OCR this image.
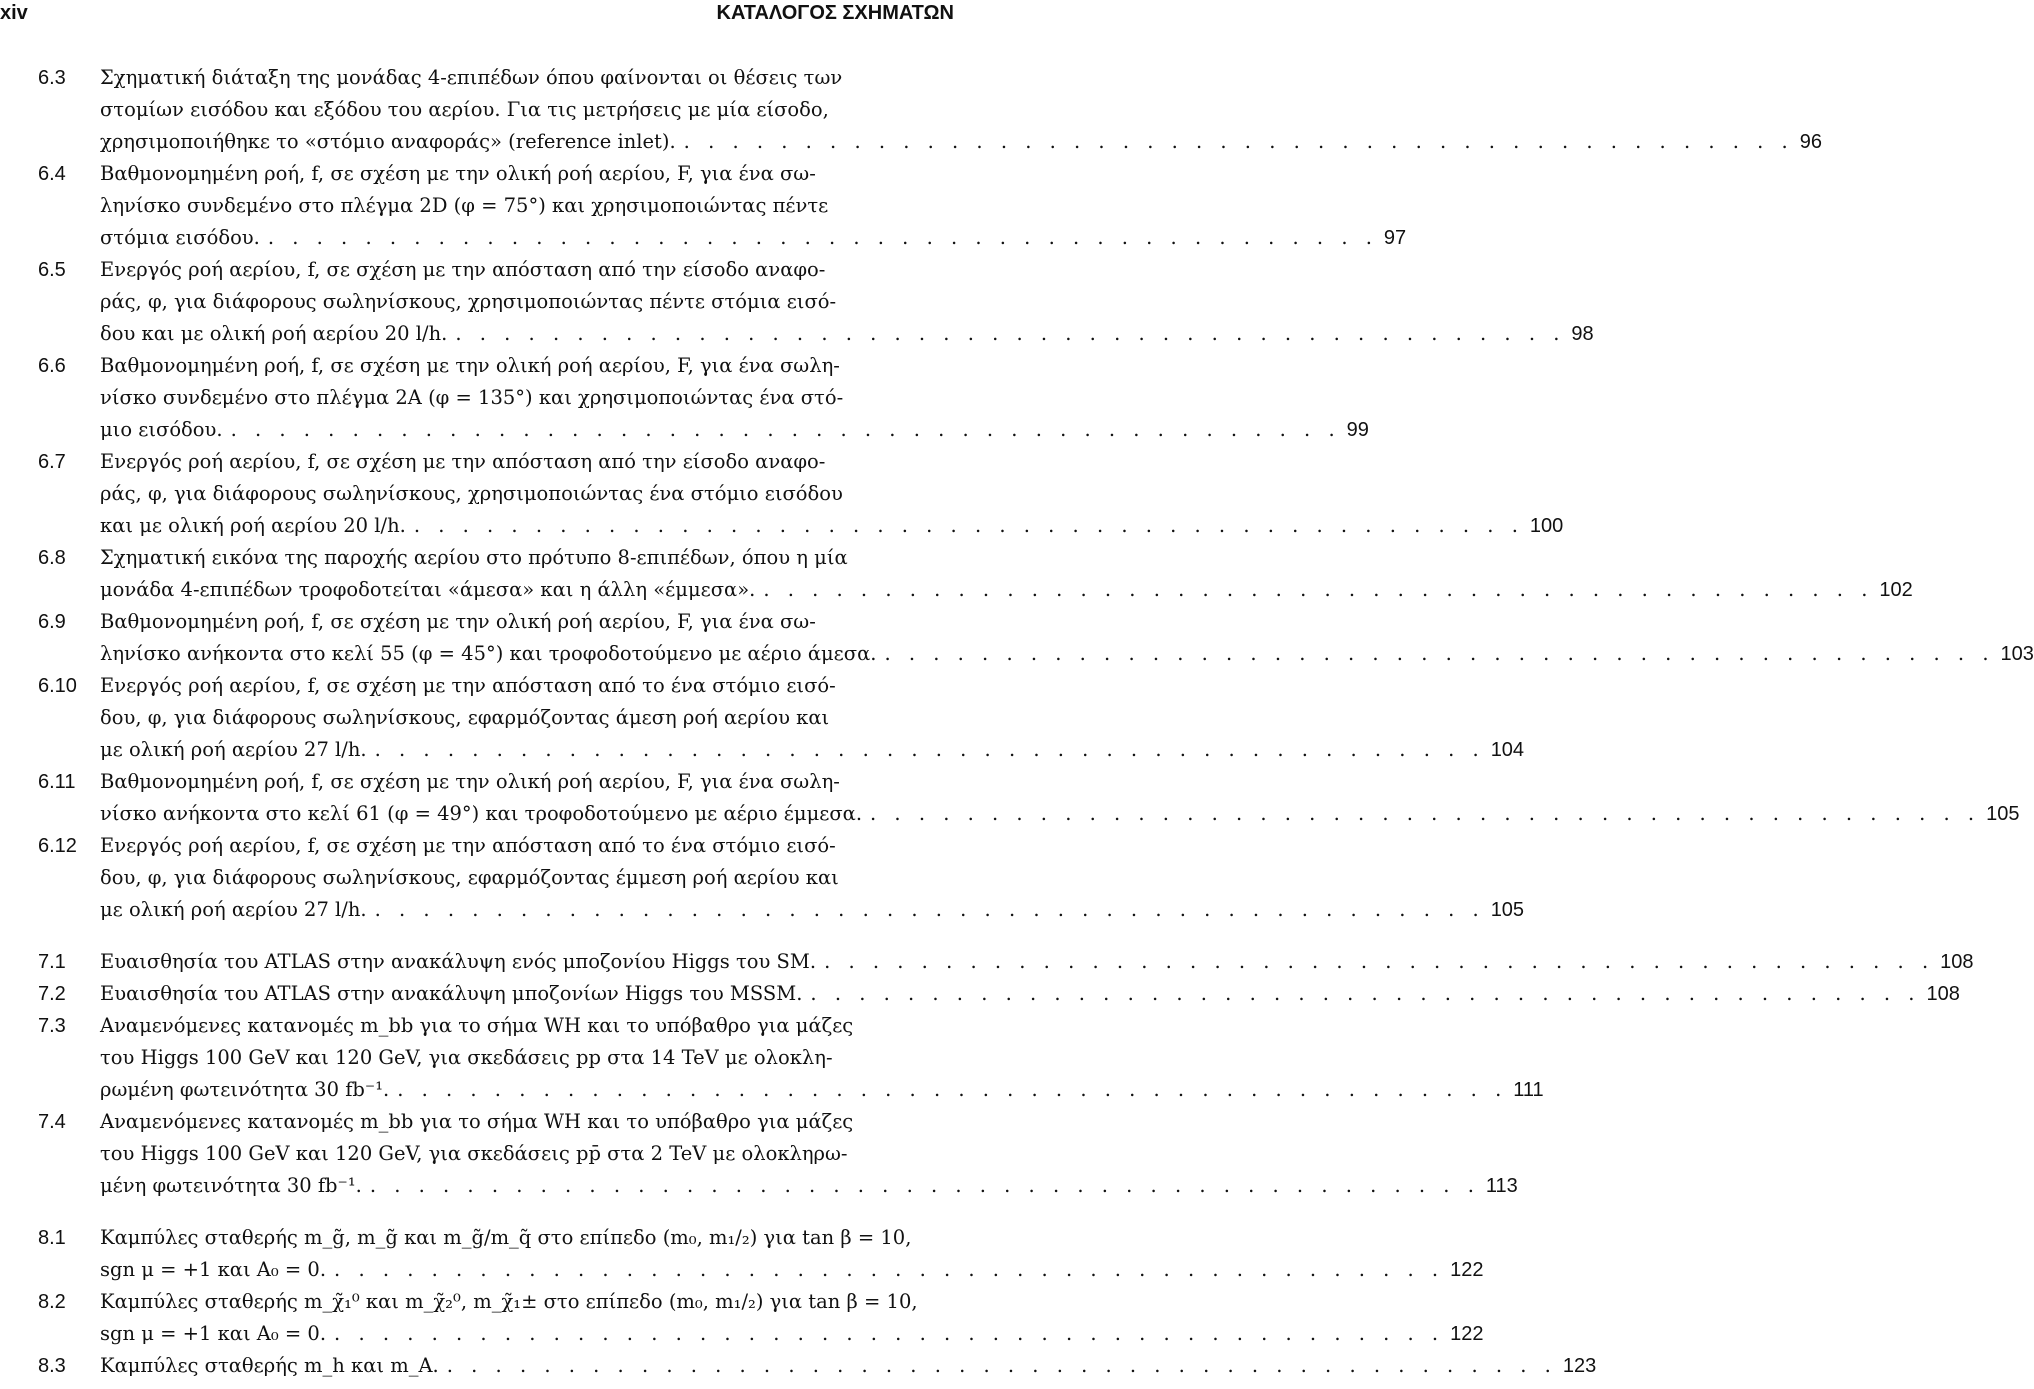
xiv	ΚΑΤΑΛΟΓΟΣ ΣΧΗΜΑΤΩΝ
6.3 Σχηματική διάταξη της μονάδας 4-επιπέδων όπου φαίνονται οι θέσεις των
στομίων εισόδου και εξόδου του αερίου. Για τις μετρήσεις με μία είσοδο,
χρησιμοποιήθηκε το «στόμιο αναφοράς» (reference inlet). . . . . . . . . . . . . . . . . . . . . . . . . . . . . . . . . . . . . . . . . . . . . . . 96
6.4 Βαθμονομημένη ροή, f, σε σχέση με την ολική ροή αερίου, F, για ένα σω-
ληνίσκο συνδεμένο στο πλέγμα 2D (φ = 75°) και χρησιμοποιώντας πέντε
στόμια εισόδου. . . . . . . . . . . . . . . . . . . . . . . . . . . . . . . . . . . . . . . . . . . . . . . 97
6.5 Ενεργός ροή αερίου, f, σε σχέση με την απόσταση από την είσοδο αναφο-
ράς, φ, για διάφορους σωληνίσκους, χρησιμοποιώντας πέντε στόμια εισό-
δου και με ολική ροή αερίου 20 l/h. . . . . . . . . . . . . . . . . . . . . . . . . . . . . . . . . . . . . . . . . . . . . . . 98
6.6 Βαθμονομημένη ροή, f, σε σχέση με την ολική ροή αερίου, F, για ένα σωλη-
νίσκο συνδεμένο στο πλέγμα 2A (φ = 135°) και χρησιμοποιώντας ένα στό-
μιο εισόδου. . . . . . . . . . . . . . . . . . . . . . . . . . . . . . . . . . . . . . . . . . . . . . . 99
6.7 Ενεργός ροή αερίου, f, σε σχέση με την απόσταση από την είσοδο αναφο-
ράς, φ, για διάφορους σωληνίσκους, χρησιμοποιώντας ένα στόμιο εισόδου
και με ολική ροή αερίου 20 l/h. . . . . . . . . . . . . . . . . . . . . . . . . . . . . . . . . . . . . . . . . . . . . . . 100
6.8 Σχηματική εικόνα της παροχής αερίου στο πρότυπο 8-επιπέδων, όπου η μία
μονάδα 4-επιπέδων τροφοδοτείται «άμεσα» και η άλλη «έμμεσα». . . . . . . . . . . . . . . . . . . . . . . . . . . . . . . . . . . . . . . . . . . . . . . 102
6.9 Βαθμονομημένη ροή, f, σε σχέση με την ολική ροή αερίου, F, για ένα σω-
ληνίσκο ανήκοντα στο κελί 55 (φ = 45°) και τροφοδοτούμενο με αέριο άμεσα. . . . . . . . . . . . . . . . . . . . . . . . . . . . . . . . . . . . . . . . . . . . . . . 103
6.10 Ενεργός ροή αερίου, f, σε σχέση με την απόσταση από το ένα στόμιο εισό-
δου, φ, για διάφορους σωληνίσκους, εφαρμόζοντας άμεση ροή αερίου και
με ολική ροή αερίου 27 l/h. . . . . . . . . . . . . . . . . . . . . . . . . . . . . . . . . . . . . . . . . . . . . . . 104
6.11 Βαθμονομημένη ροή, f, σε σχέση με την ολική ροή αερίου, F, για ένα σωλη-
νίσκο ανήκοντα στο κελί 61 (φ = 49°) και τροφοδοτούμενο με αέριο έμμεσα. . . . . . . . . . . . . . . . . . . . . . . . . . . . . . . . . . . . . . . . . . . . . . . 105
6.12 Ενεργός ροή αερίου, f, σε σχέση με την απόσταση από το ένα στόμιο εισό-
δου, φ, για διάφορους σωληνίσκους, εφαρμόζοντας έμμεση ροή αερίου και
με ολική ροή αερίου 27 l/h. . . . . . . . . . . . . . . . . . . . . . . . . . . . . . . . . . . . . . . . . . . . . . . 105
7.1 Ευαισθησία του ATLAS στην ανακάλυψη ενός μποζονίου Higgs του SM. . . . . . . . . . . . . . . . . . . . . . . . . . . . . . . . . . . . . . . . . . . . . . . 108
7.2 Ευαισθησία του ATLAS στην ανακάλυψη μποζονίων Higgs του MSSM. . . . . . . . . . . . . . . . . . . . . . . . . . . . . . . . . . . . . . . . . . . . . . . 108
7.3 Αναμενόμενες κατανομές m_bb για το σήμα WH και το υπόβαθρο για μάζες
του Higgs 100 GeV και 120 GeV, για σκεδάσεις pp στα 14 TeV με ολοκλη-
ρωμένη φωτεινότητα 30 fb⁻¹. . . . . . . . . . . . . . . . . . . . . . . . . . . . . . . . . . . . . . . . . . . . . . . 111
7.4 Αναμενόμενες κατανομές m_bb για το σήμα WH και το υπόβαθρο για μάζες
του Higgs 100 GeV και 120 GeV, για σκεδάσεις pp̄ στα 2 TeV με ολοκληρω-
μένη φωτεινότητα 30 fb⁻¹. . . . . . . . . . . . . . . . . . . . . . . . . . . . . . . . . . . . . . . . . . . . . . . 113
8.1 Καμπύλες σταθερής m_g̃, m_g̃ και m_g̃/m_q̃ στο επίπεδο (m₀, m₁/₂) για tan β = 10,
sgn μ = +1 και A₀ = 0. . . . . . . . . . . . . . . . . . . . . . . . . . . . . . . . . . . . . . . . . . . . . . . 122
8.2 Καμπύλες σταθερής m_χ̃₁⁰ και m_χ̃₂⁰, m_χ̃₁± στο επίπεδο (m₀, m₁/₂) για tan β = 10,
sgn μ = +1 και A₀ = 0. . . . . . . . . . . . . . . . . . . . . . . . . . . . . . . . . . . . . . . . . . . . . . . 122
8.3 Καμπύλες σταθερής m_h και m_A. . . . . . . . . . . . . . . . . . . . . . . . . . . . . . . . . . . . . . . . . . . . . . . 123
